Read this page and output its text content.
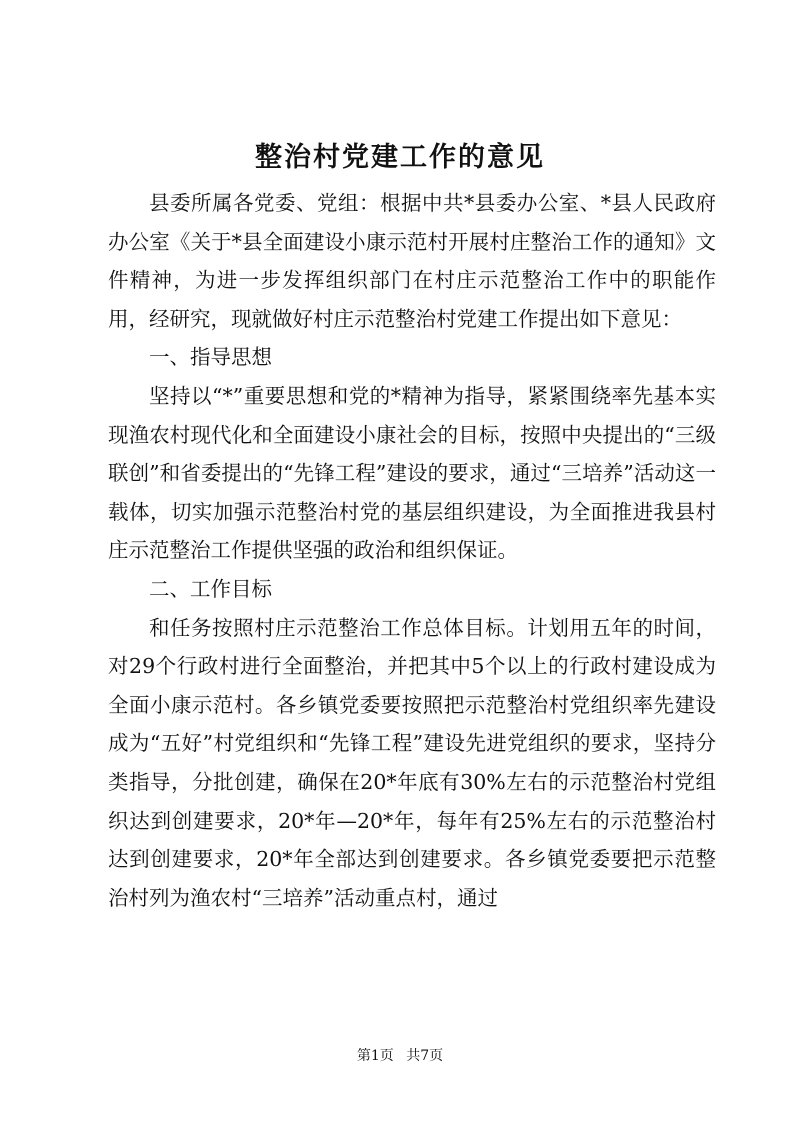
整治村党建工作的意见

县委所属各党委、党组：根据中共*县委办公室、*县人民政府办公室《关于*县全面建设小康示范村开展村庄整治工作的通知》文件精神，为进一步发挥组织部门在村庄示范整治工作中的职能作用，经研究，现就做好村庄示范整治村党建工作提出如下意见：

一、指导思想

坚持以“*”重要思想和党的*精神为指导，紧紧围绕率先基本实现渔农村现代化和全面建设小康社会的目标，按照中央提出的“三级联创”和省委提出的“先锋工程”建设的要求，通过“三培养”活动这一载体，切实加强示范整治村党的基层组织建设，为全面推进我县村庄示范整治工作提供坚强的政治和组织保证。

二、工作目标

和任务按照村庄示范整治工作总体目标。计划用五年的时间，对29个行政村进行全面整治，并把其中5个以上的行政村建设成为全面小康示范村。各乡镇党委要按照把示范整治村党组织率先建设成为“五好”村党组织和“先锋工程”建设先进党组织的要求，坚持分类指导，分批创建，确保在20*年底有30%左右的示范整治村党组织达到创建要求，20*年—20*年，每年有25%左右的示范整治村达到创建要求，20*年全部达到创建要求。各乡镇党委要把示范整治村列为渔农村“三培养”活动重点村，通过

第1页 共7页
